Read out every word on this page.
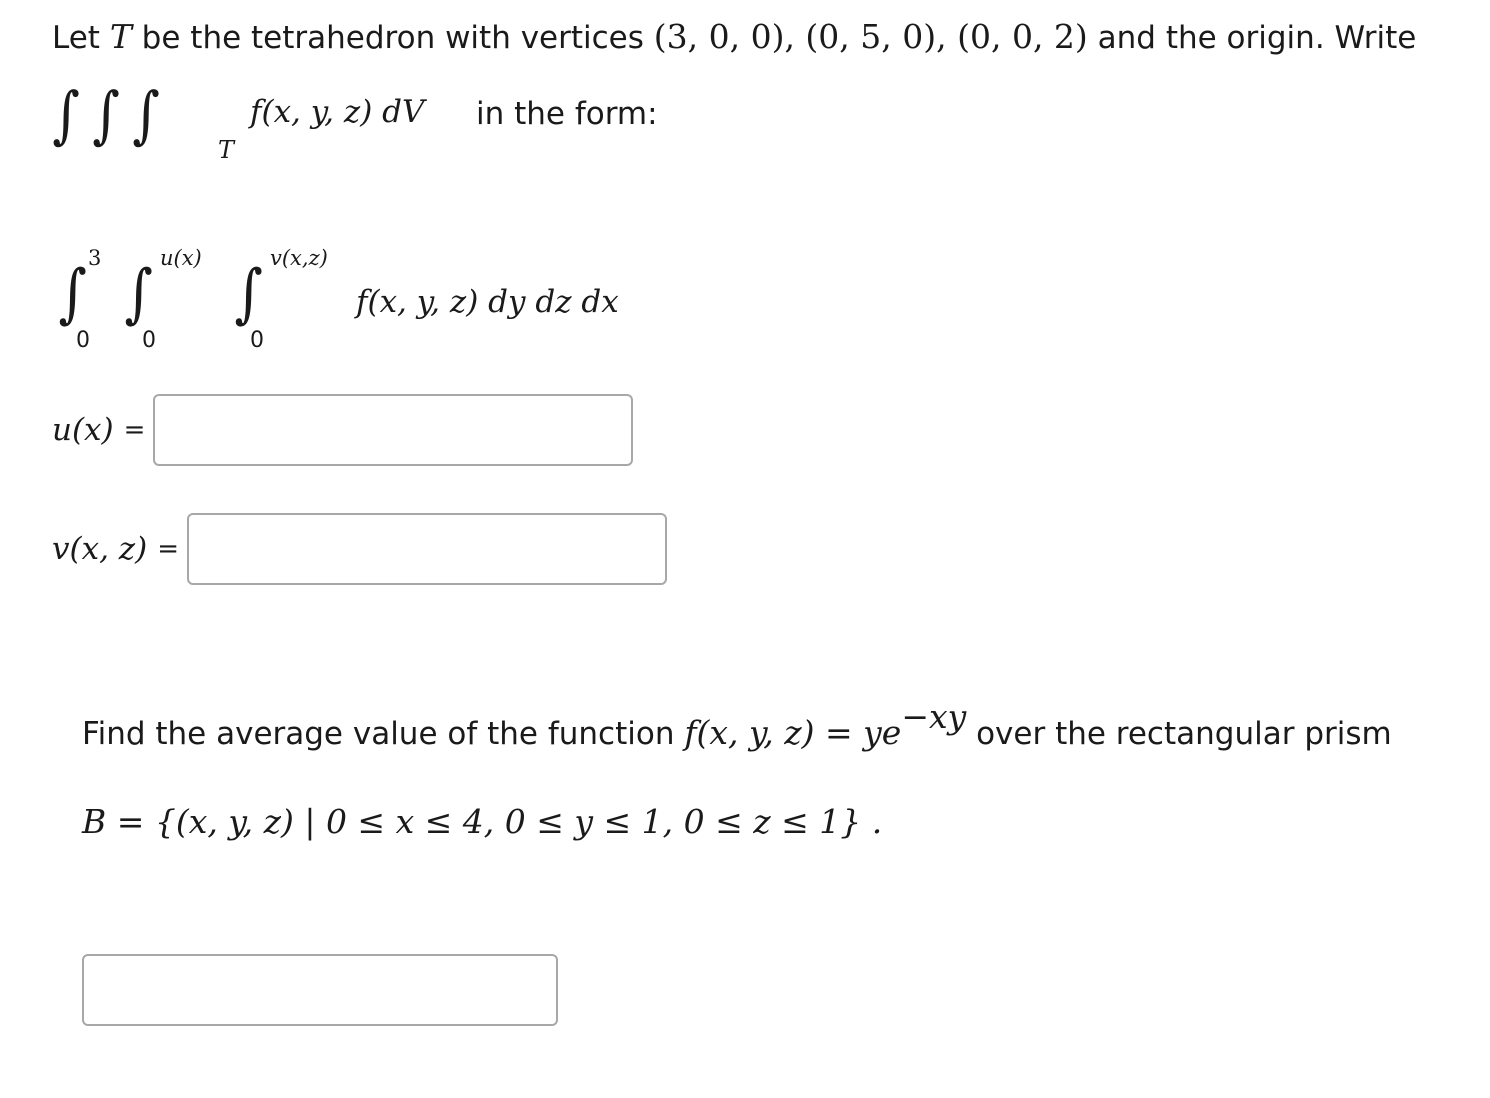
Let T be the tetrahedron with vertices (3, 0, 0), (0, 5, 0), (0, 0, 2) and the origin. Write
∫ ∫ ∫ T
f(x, y, z) dV in the form:
∫ 3
0
∫ u(x)
0
∫ v(x,z)
0
f(x, y, z) dy dz dx
u(x) =
v(x, z) =
Find the average value of the function f(x, y, $z) = ye^{-xy}$ over the rectangular prism
B = {(x, y, z) | 0 ≤ x ≤ 4, 0 ≤ y ≤ 1, 0 ≤ z ≤ 1} .
